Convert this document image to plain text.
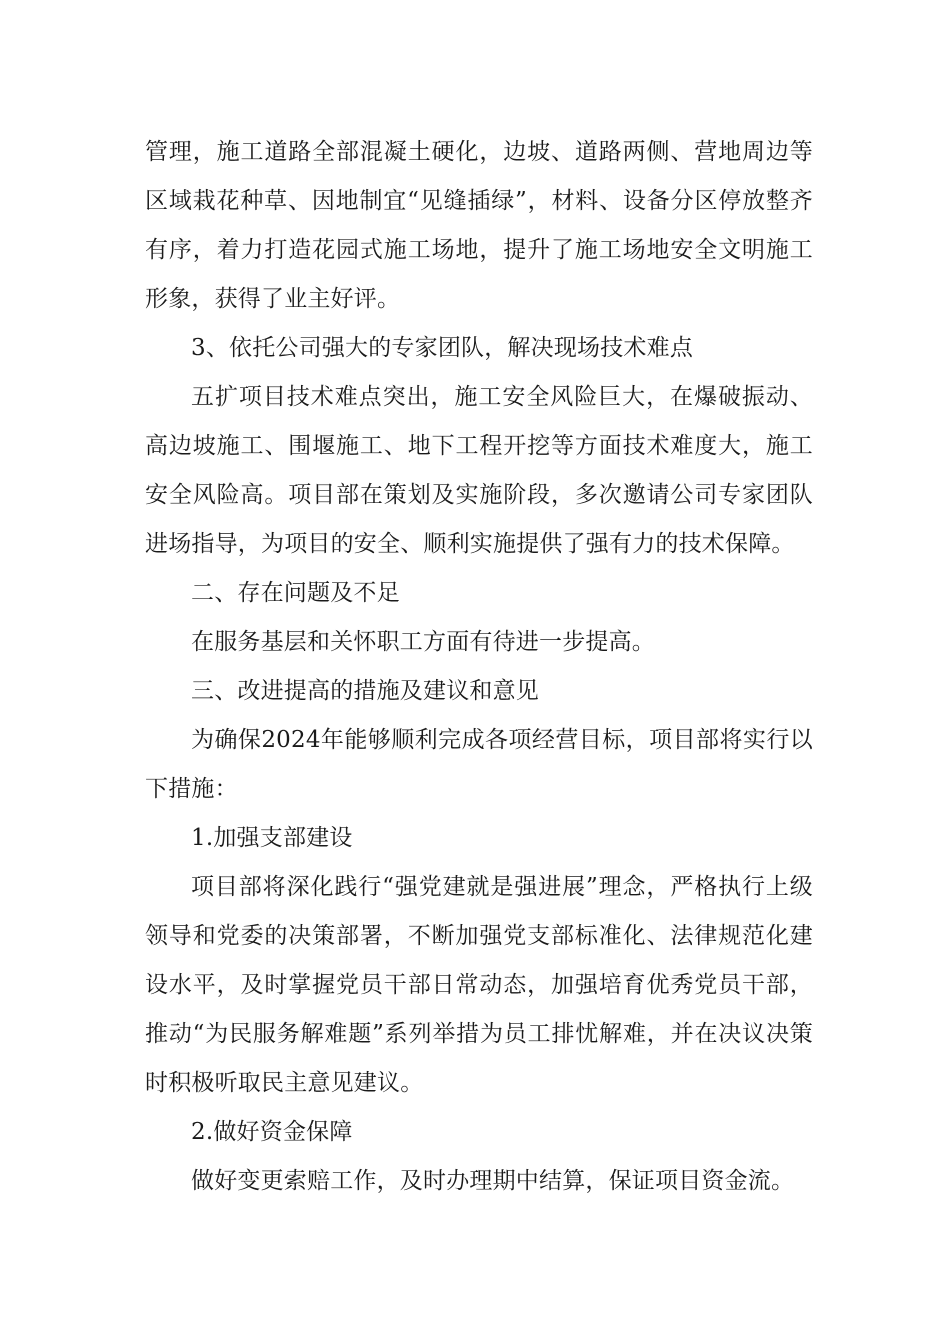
管理，施工道路全部混凝土硬化，边坡、道路两侧、营地周边等区域栽花种草、因地制宜“见缝插绿”，材料、设备分区停放整齐有序，着力打造花园式施工场地，提升了施工场地安全文明施工形象，获得了业主好评。

3、依托公司强大的专家团队，解决现场技术难点

五扩项目技术难点突出，施工安全风险巨大，在爆破振动、高边坡施工、围堰施工、地下工程开挖等方面技术难度大，施工安全风险高。项目部在策划及实施阶段，多次邀请公司专家团队进场指导，为项目的安全、顺利实施提供了强有力的技术保障。

二、存在问题及不足

在服务基层和关怀职工方面有待进一步提高。

三、改进提高的措施及建议和意见

为确保2024年能够顺利完成各项经营目标，项目部将实行以下措施：

1.加强支部建设

项目部将深化践行“强党建就是强进展”理念，严格执行上级领导和党委的决策部署，不断加强党支部标准化、法律规范化建设水平，及时掌握党员干部日常动态，加强培育优秀党员干部，推动“为民服务解难题”系列举措为员工排忧解难，并在决议决策时积极听取民主意见建议。

2.做好资金保障

做好变更索赔工作，及时办理期中结算，保证项目资金流。
